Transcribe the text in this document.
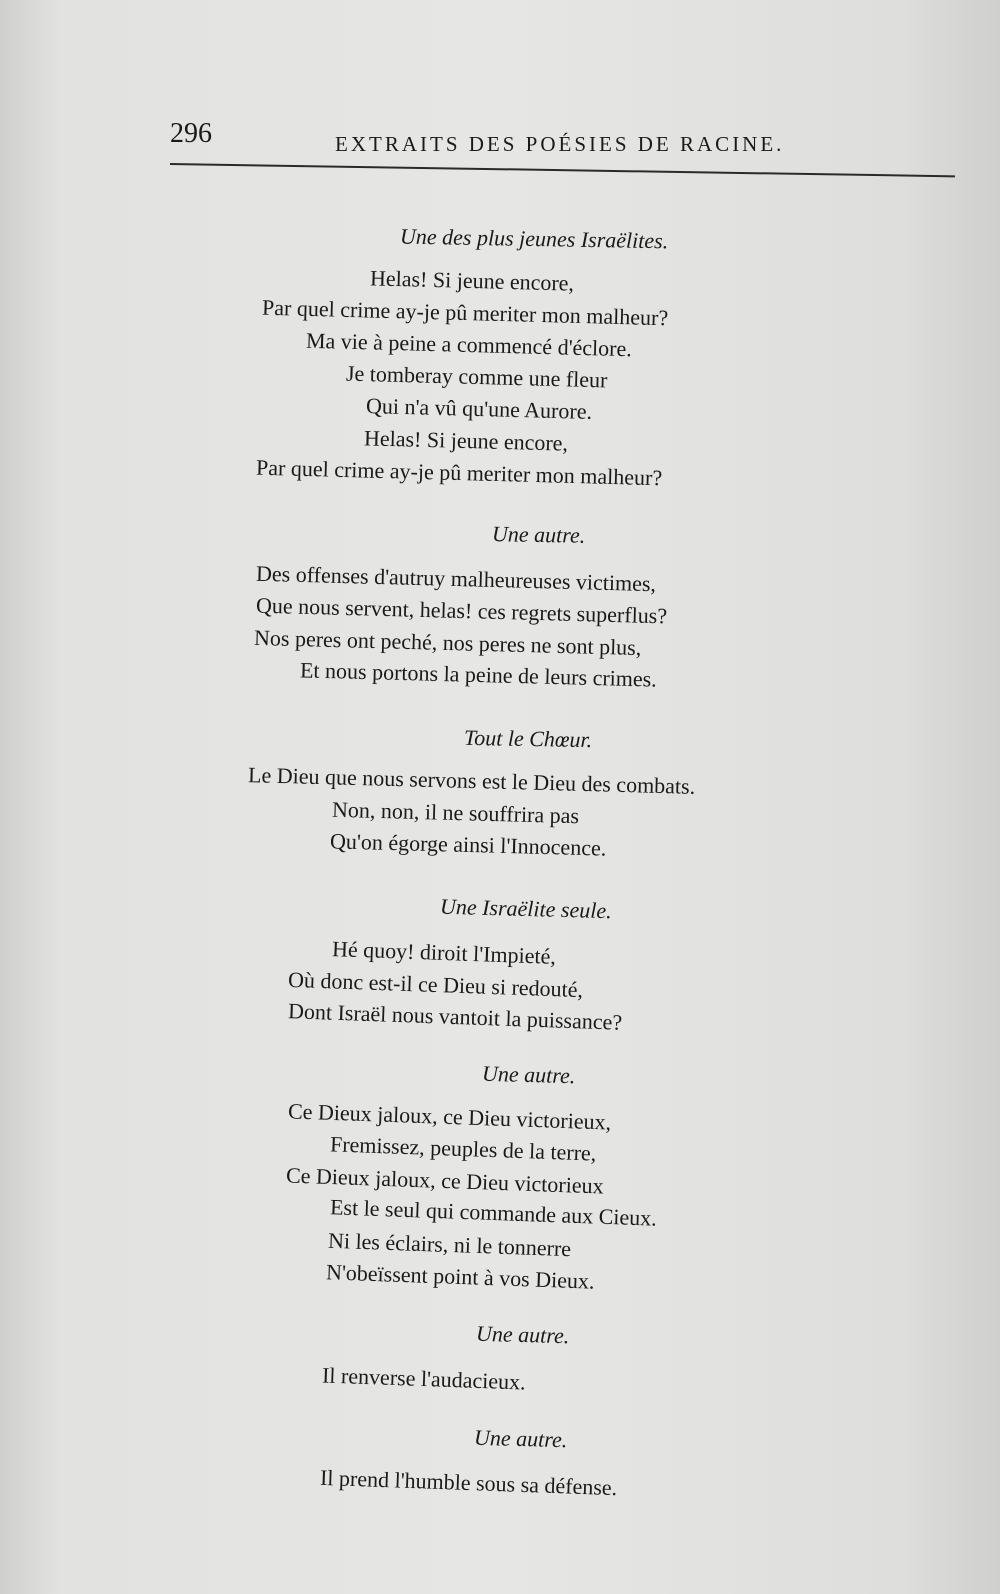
296	EXTRAITS DES POÉSIES DE RACINE.
Une des plus jeunes Israëlites.
Helas! Si jeune encore,
Par quel crime ay-je pû meriter mon malheur?
Ma vie à peine a commencé d'éclore.
Je tomberay comme une fleur
Qui n'a vû qu'une Aurore.
Helas! Si jeune encore,
Par quel crime ay-je pû meriter mon malheur?
Une autre.
Des offenses d'autruy malheureuses victimes,
Que nous servent, helas! ces regrets superflus?
Nos peres ont peché, nos peres ne sont plus,
Et nous portons la peine de leurs crimes.
Tout le Chœur.
Le Dieu que nous servons est le Dieu des combats.
Non, non, il ne souffrira pas
Qu'on égorge ainsi l'Innocence.
Une Israëlite seule.
Hé quoy! diroit l'Impieté,
Où donc est-il ce Dieu si redouté,
Dont Israël nous vantoit la puissance?
Une autre.
Ce Dieux jaloux, ce Dieu victorieux,
Fremissez, peuples de la terre,
Ce Dieux jaloux, ce Dieu victorieux
Est le seul qui commande aux Cieux.
Ni les éclairs, ni le tonnerre
N'obeïssent point à vos Dieux.
Une autre.
Il renverse l'audacieux.
Une autre.
Il prend l'humble sous sa défense.
